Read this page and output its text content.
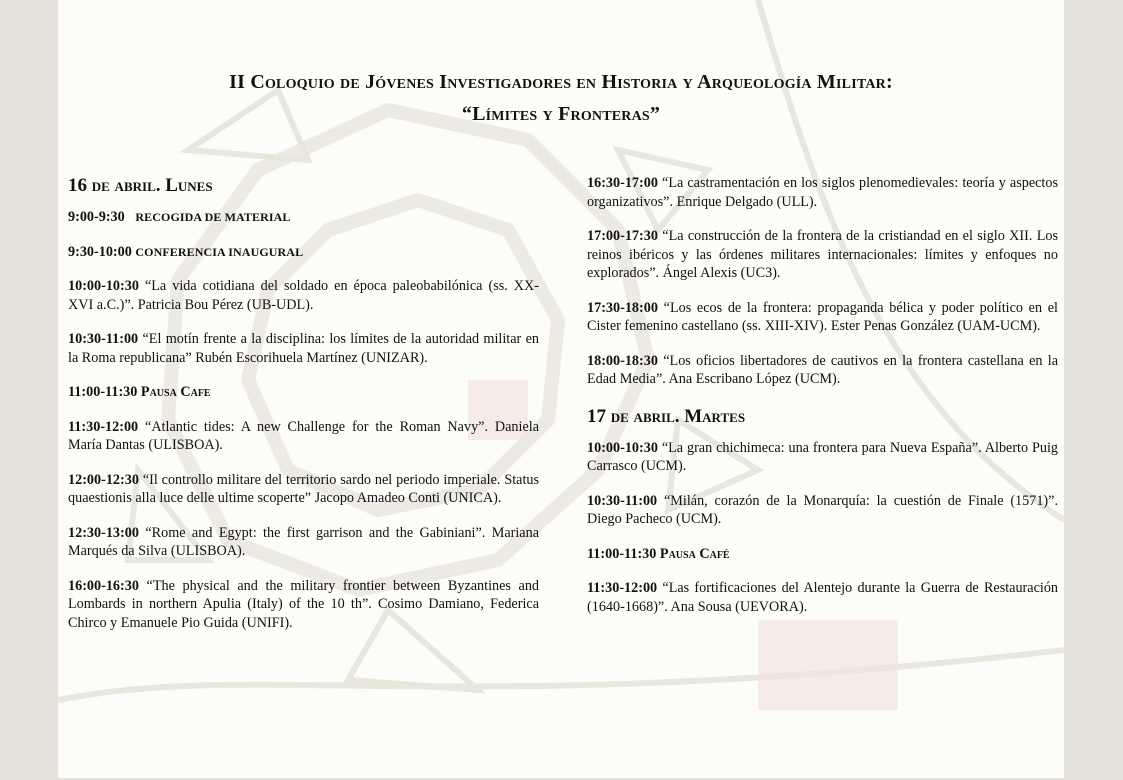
II Coloquio de Jóvenes Investigadores en Historia y Arqueología Militar:
“Límites y Fronteras”
16 de abril. Lunes
9:00-9:30 RECOGIDA DE MATERIAL
9:30-10:00 CONFERENCIA INAUGURAL
10:00-10:30 “La vida cotidiana del soldado en época paleobabilónica (ss. XX-XVI a.C.)”. Patricia Bou Pérez (UB-UDL).
10:30-11:00 “El motín frente a la disciplina: los límites de la autoridad militar en la Roma republicana” Rubén Escorihuela Martínez (UNIZAR).
11:00-11:30 Pausa Cafe
11:30-12:00 “Atlantic tides: A new Challenge for the Roman Navy”. Daniela María Dantas (ULISBOA).
12:00-12:30 “Il controllo militare del territorio sardo nel periodo imperiale. Status quaestionis alla luce delle ultime scoperte” Jacopo Amadeo Conti (UNICA).
12:30-13:00 “Rome and Egypt: the first garrison and the Gabiniani”. Mariana Marqués da Silva (ULISBOA).
16:00-16:30 “The physical and the military frontier between Byzantines and Lombards in northern Apulia (Italy) of the 10 th”. Cosimo Damiano, Federica Chirco y Emanuele Pio Guida (UNIFI).
16:30-17:00 “La castramentación en los siglos plenomedievales: teoría y aspectos organizativos”. Enrique Delgado (ULL).
17:00-17:30 “La construcción de la frontera de la cristiandad en el siglo XII. Los reinos ibéricos y las órdenes militares internacionales: límites y enfoques no explorados”. Ángel Alexis (UC3).
17:30-18:00 “Los ecos de la frontera: propaganda bélica y poder político en el Cister femenino castellano (ss. XIII-XIV). Ester Penas González (UAM-UCM).
18:00-18:30 “Los oficios libertadores de cautivos en la frontera castellana en la Edad Media”. Ana Escribano López (UCM).
17 de abril. Martes
10:00-10:30 “La gran chichimeca: una frontera para Nueva España”. Alberto Puig Carrasco (UCM).
10:30-11:00 “Milán, corazón de la Monarquía: la cuestión de Finale (1571)”. Diego Pacheco (UCM).
11:00-11:30 Pausa Café
11:30-12:00 “Las fortificaciones del Alentejo durante la Guerra de Restauración (1640-1668)”. Ana Sousa (UEVORA).
